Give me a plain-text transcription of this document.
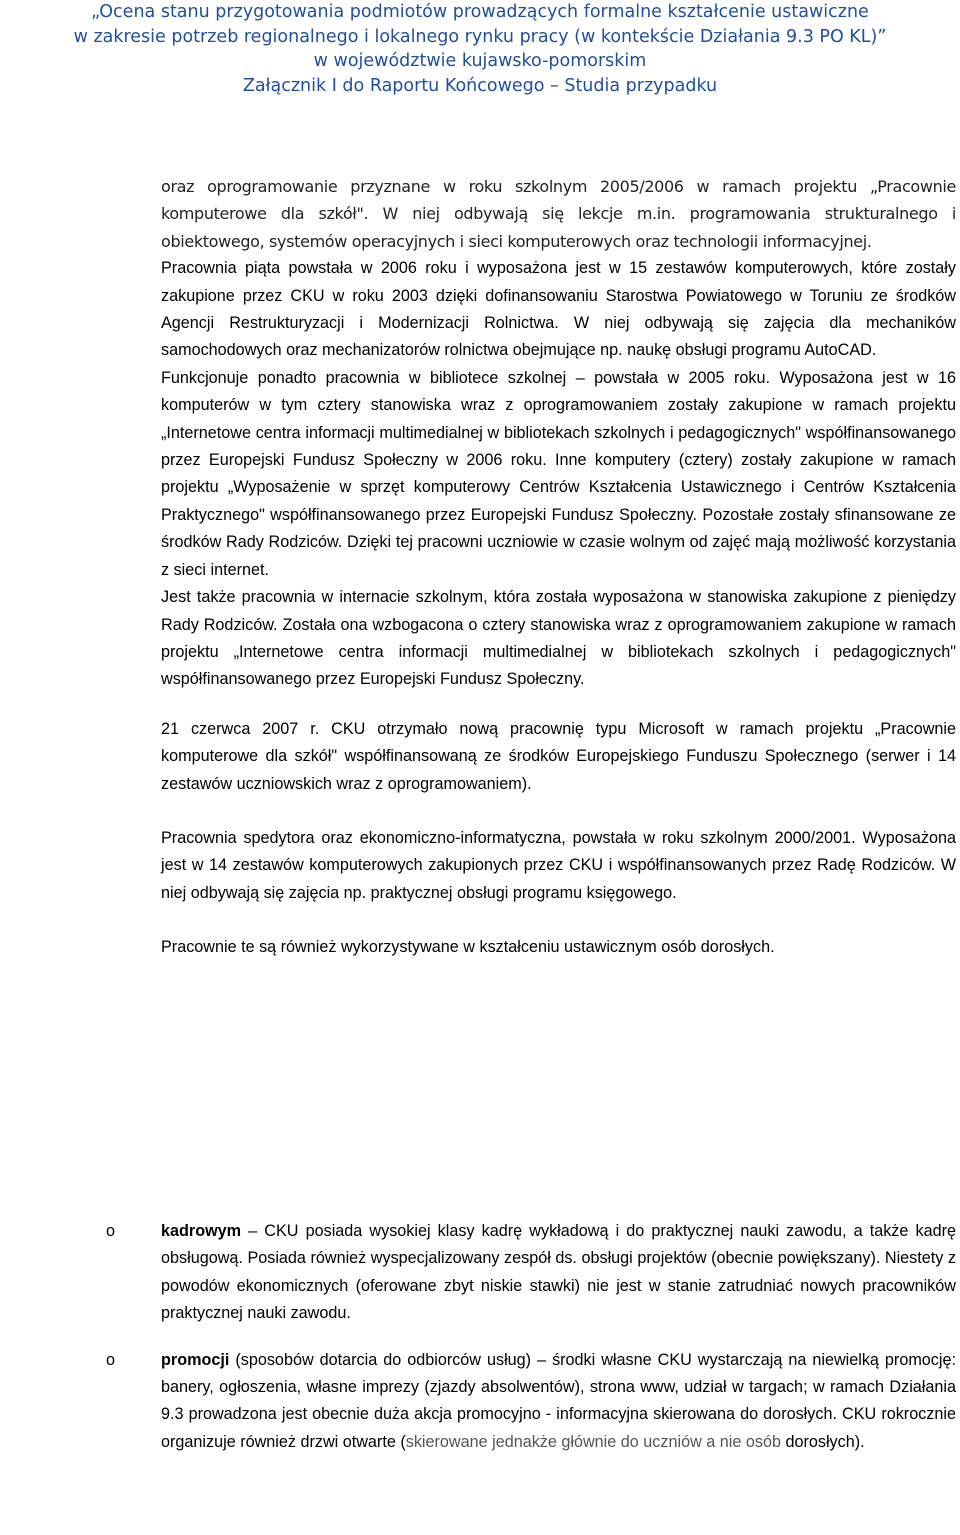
„Ocena stanu przygotowania podmiotów prowadzących formalne kształcenie ustawiczne
w zakresie potrzeb regionalnego i lokalnego rynku pracy (w kontekście Działania 9.3 PO KL)”
w województwie kujawsko-pomorskim
Załącznik I do Raportu Końcowego – Studia przypadku

oraz oprogramowanie przyznane w roku szkolnym 2005/2006 w ramach projektu „Pracownie komputerowe dla szkół". W niej odbywają się lekcje m.in. programowania strukturalnego i obiektowego, systemów operacyjnych i sieci komputerowych oraz technologii informacyjnej.

Pracownia piąta powstała w 2006 roku i wyposażona jest w 15 zestawów komputerowych, które zostały zakupione przez CKU w roku 2003 dzięki dofinansowaniu Starostwa Powiatowego w Toruniu ze środków Agencji Restrukturyzacji i Modernizacji Rolnictwa. W niej odbywają się zajęcia dla mechaników samochodowych oraz mechanizatorów rolnictwa obejmujące np. naukę obsługi programu AutoCAD.

Funkcjonuje ponadto pracownia w bibliotece szkolnej – powstała w 2005 roku. Wyposażona jest w 16 komputerów w tym cztery stanowiska wraz z oprogramowaniem zostały zakupione w ramach projektu „Internetowe centra informacji multimedialnej w bibliotekach szkolnych i pedagogicznych" współfinansowanego przez Europejski Fundusz Społeczny w 2006 roku. Inne komputery (cztery) zostały zakupione w ramach projektu „Wyposażenie w sprzęt komputerowy Centrów Kształcenia Ustawicznego i Centrów Kształcenia Praktycznego" współfinansowanego przez Europejski Fundusz Społeczny. Pozostałe zostały sfinansowane ze środków Rady Rodziców. Dzięki tej pracowni uczniowie w czasie wolnym od zajęć mają możliwość korzystania z sieci internet.

Jest także pracownia w internacie szkolnym, która została wyposażona w stanowiska zakupione z pieniędzy Rady Rodziców. Została ona wzbogacona o cztery stanowiska wraz z oprogramowaniem zakupione w ramach projektu „Internetowe centra informacji multimedialnej w bibliotekach szkolnych i pedagogicznych" współfinansowanego przez Europejski Fundusz Społeczny.

21 czerwca 2007 r. CKU otrzymało nową pracownię typu Microsoft w ramach projektu „Pracownie komputerowe dla szkół" współfinansowaną ze środków Europejskiego Funduszu Społecznego (serwer i 14 zestawów uczniowskich wraz z oprogramowaniem).

Pracownia spedytora oraz ekonomiczno-informatyczna, powstała w roku szkolnym 2000/2001. Wyposażona jest w 14 zestawów komputerowych zakupionych przez CKU i współfinansowanych przez Radę Rodziców. W niej odbywają się zajęcia np. praktycznej obsługi programu księgowego.

Pracownie te są również wykorzystywane w kształceniu ustawicznym osób dorosłych.

o	kadrowym – CKU posiada wysokiej klasy kadrę wykładową i do praktycznej nauki zawodu, a także kadrę obsługową. Posiada również wyspecjalizowany zespół ds. obsługi projektów (obecnie powiększany). Niestety z powodów ekonomicznych (oferowane zbyt niskie stawki) nie jest w stanie zatrudniać nowych pracowników praktycznej nauki zawodu.

o	promocji (sposobów dotarcia do odbiorców usług) – środki własne CKU wystarczają na niewielką promocję: banery, ogłoszenia, własne imprezy (zjazdy absolwentów), strona www, udział w targach; w ramach Działania 9.3 prowadzona jest obecnie duża akcja promocyjno - informacyjna skierowana do dorosłych. CKU rokrocznie organizuje również drzwi otwarte (skierowane jednakże głównie do uczniów a nie osób dorosłych).
